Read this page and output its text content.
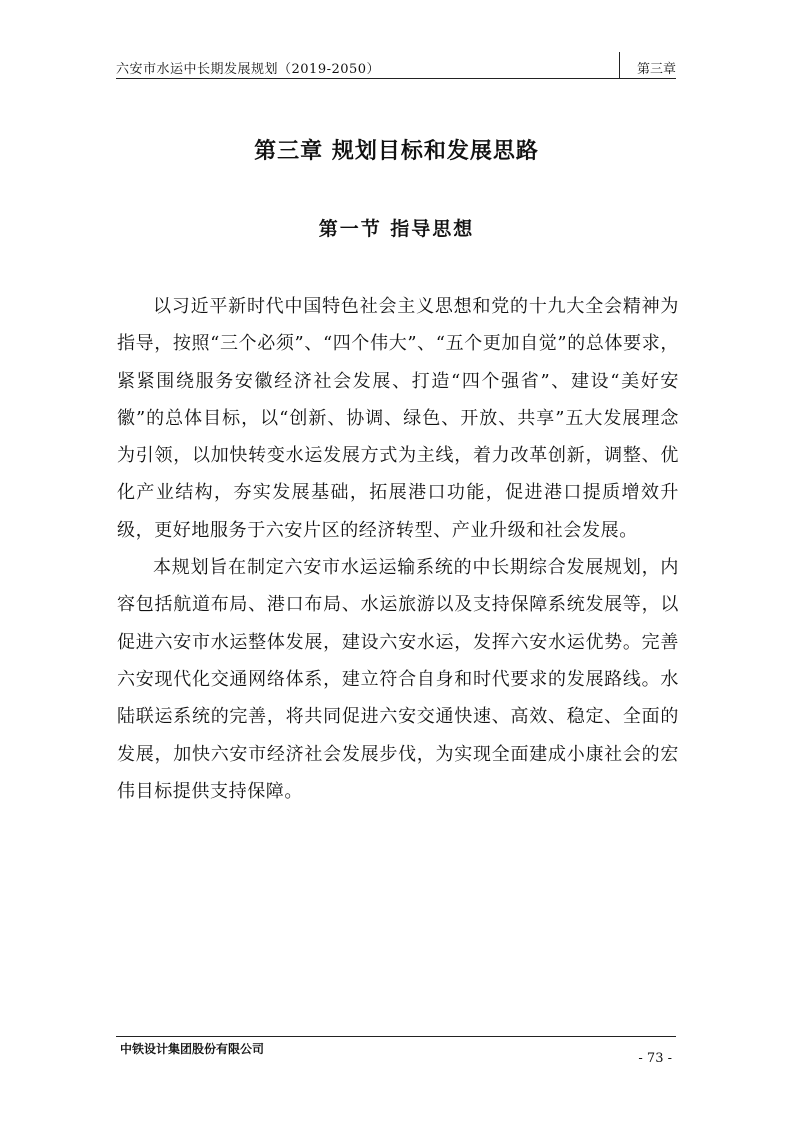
六安市水运中长期发展规划（2019-2050）	第三章
第三章 规划目标和发展思路
第一节 指导思想

以习近平新时代中国特色社会主义思想和党的十九大全会精神为指导，按照“三个必须”、“四个伟大”、“五个更加自觉”的总体要求，紧紧围绕服务安徽经济社会发展、打造“四个强省”、建设“美好安徽”的总体目标，以“创新、协调、绿色、开放、共享”五大发展理念为引领，以加快转变水运发展方式为主线，着力改革创新，调整、优化产业结构，夯实发展基础，拓展港口功能，促进港口提质增效升级，更好地服务于六安片区的经济转型、产业升级和社会发展。

本规划旨在制定六安市水运运输系统的中长期综合发展规划，内容包括航道布局、港口布局、水运旅游以及支持保障系统发展等，以促进六安市水运整体发展，建设六安水运，发挥六安水运优势。完善六安现代化交通网络体系，建立符合自身和时代要求的发展路线。水陆联运系统的完善，将共同促进六安交通快速、高效、稳定、全面的发展，加快六安市经济社会发展步伐，为实现全面建成小康社会的宏伟目标提供支持保障。

中铁设计集团股份有限公司
- 73 -
